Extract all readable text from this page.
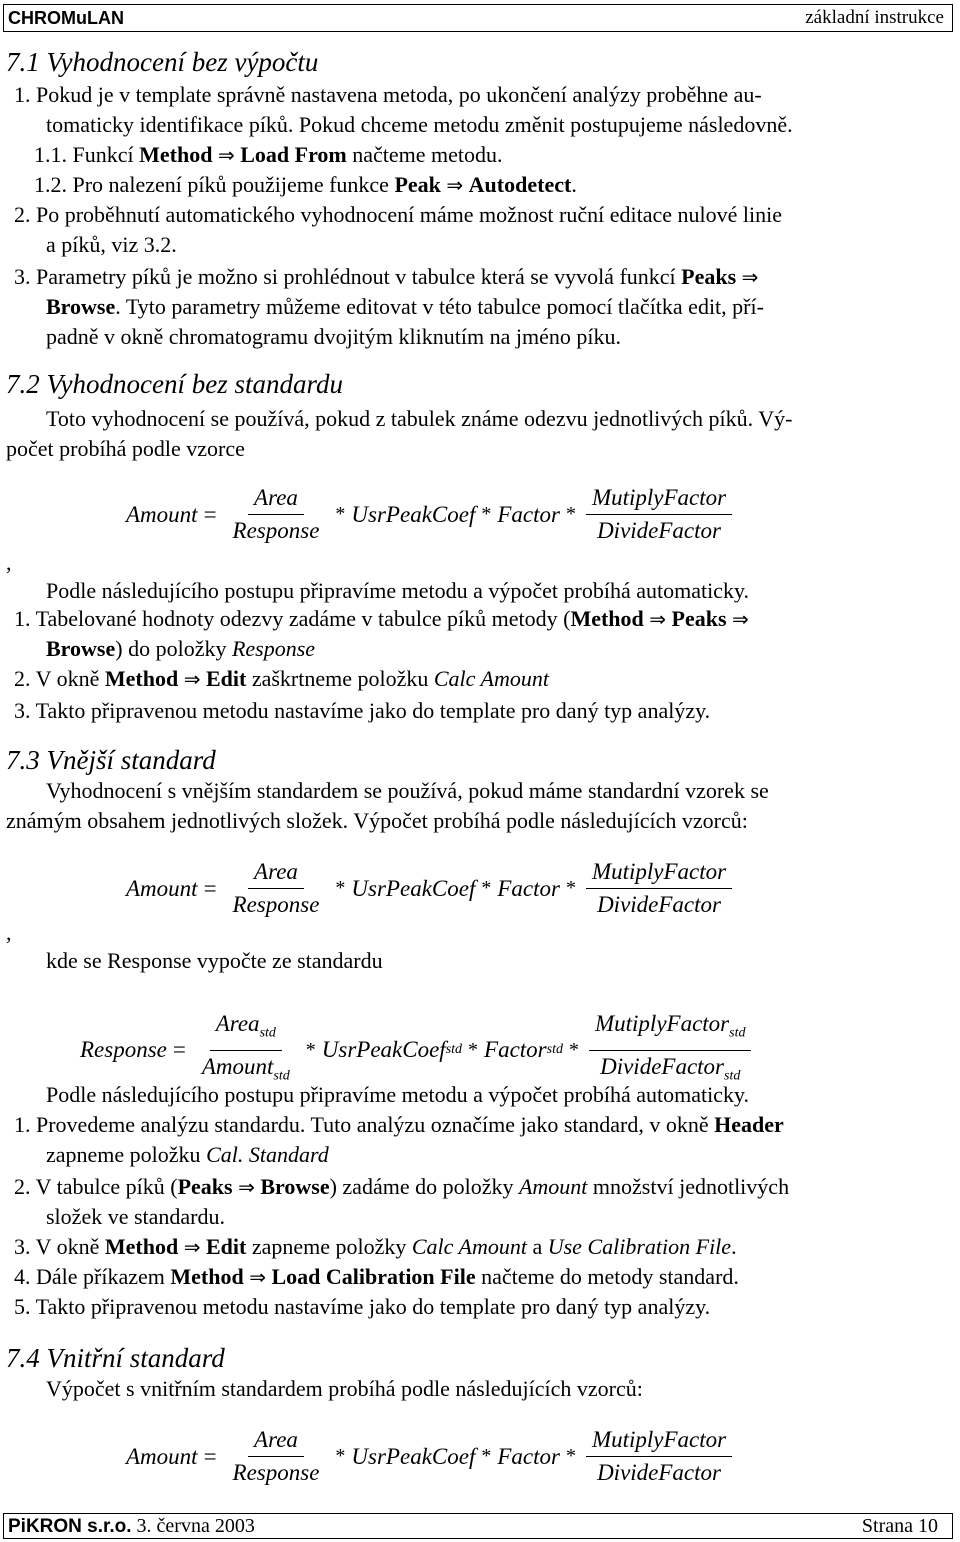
CHROMuLAN	základní instrukce
7.1 Vyhodnocení bez výpočtu
1. Pokud je v template správně nastavena metoda, po ukončení analýzy proběhne au-
tomaticky identifikace píků. Pokud chceme metodu změnit postupujeme následovně.
1.1. Funkcí Method ⇒ Load From načteme metodu.
1.2. Pro nalezení píků použijeme funkce Peak ⇒ Autodetect.
2. Po proběhnutí automatického vyhodnocení máme možnost ruční editace nulové linie
a píků, viz 3.2.
3. Parametry píků je možno si prohlédnout v tabulce která se vyvolá funkcí Peaks ⇒
Browse. Tyto parametry můžeme editovat v této tabulce pomocí tlačítka edit, pří-
padně v okně chromatogramu dvojitým kliknutím na jméno píku.
7.2 Vyhodnocení bez standardu
Toto vyhodnocení se používá, pokud z tabulek známe odezvu jednotlivých píků. Vý-
počet probíhá podle vzorce
Amount = $\frac{\text{Area}}{\text{Response}}$ * UsrPeakCoef * Factor * $\frac{\text{MutiplyFactor}}{\text{DivideFactor}}$
,
Podle následujícího postupu připravíme metodu a výpočet probíhá automaticky.
1. Tabelované hodnoty odezvy zadáme v tabulce píků metody (Method ⇒ Peaks ⇒
Browse) do položky Response
2. V okně Method ⇒ Edit zaškrtneme položku Calc Amount
3. Takto připravenou metodu nastavíme jako do template pro daný typ analýzy.
7.3 Vnější standard
Vyhodnocení s vnějším standardem se používá, pokud máme standardní vzorek se
známým obsahem jednotlivých složek. Výpočet probíhá podle následujících vzorců:
Amount = $\frac{\text{Area}}{\text{Response}}$ * UsrPeakCoef * Factor * $\frac{\text{MutiplyFactor}}{\text{DivideFactor}}$
,
kde se Response vypočte ze standardu
Response = $\frac{Area_{std}}{Amount_{std}}$ * UsrPeakCoef std * Factor std * $\frac{MutiplyFactor_{std}}{DivideFactor_{std}}$
Podle následujícího postupu připravíme metodu a výpočet probíhá automaticky.
1. Provedeme analýzu standardu. Tuto analýzu označíme jako standard, v okně Header
zapneme položku Cal. Standard
2. V tabulce píků (Peaks ⇒ Browse) zadáme do položky Amount množství jednotlivých
složek ve standardu.
3. V okně Method ⇒ Edit zapneme položky Calc Amount a Use Calibration File.
4. Dále příkazem Method ⇒ Load Calibration File načteme do metody standard.
5. Takto připravenou metodu nastavíme jako do template pro daný typ analýzy.
7.4 Vnitřní standard
Výpočet s vnitřním standardem probíhá podle následujících vzorců:
Amount = $\frac{\text{Area}}{\text{Response}}$ * UsrPeakCoef * Factor * $\frac{\text{MutiplyFactor}}{\text{DivideFactor}}$
PiKRON s.r.o. 3. června 2003	Strana 10
